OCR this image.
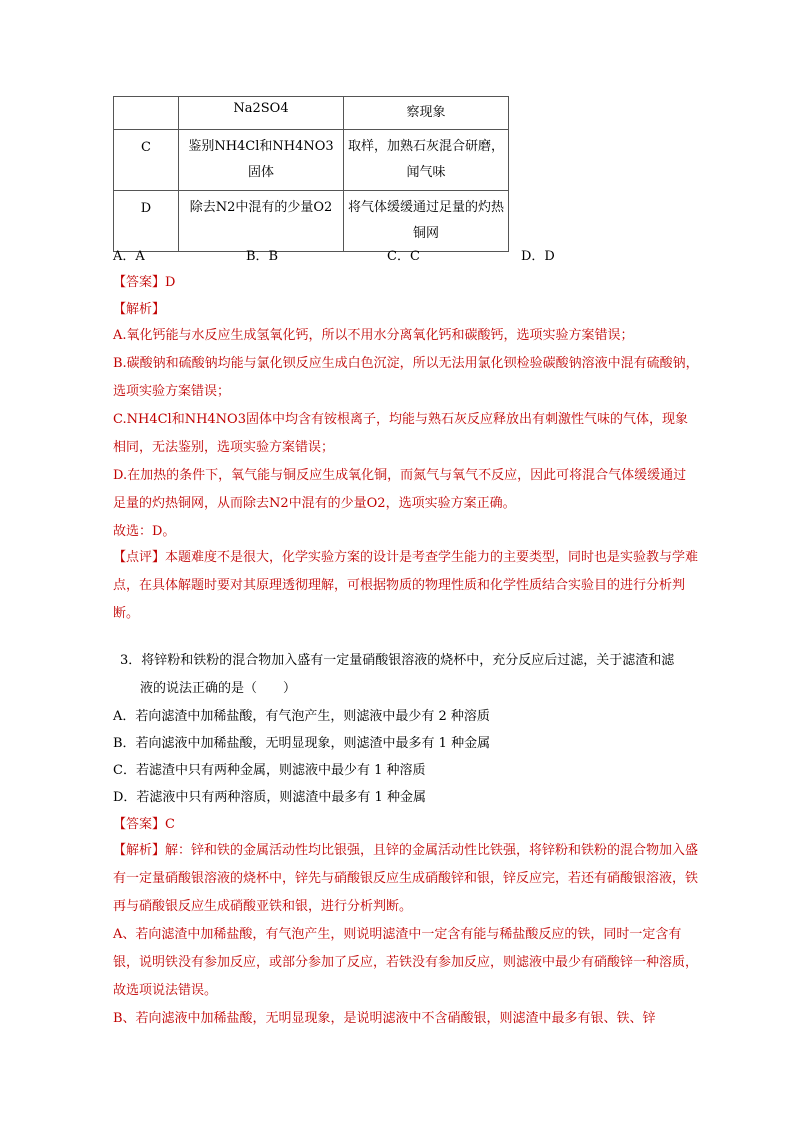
	Na2SO4	察现象
C	鉴别NH4Cl和NH4NO3固体	取样，加熟石灰混合研磨，闻气味

D	除去N2中混有的少量O2	将气体缓缓通过足量的灼热铜网
A．A	B．B	C．C	D．D
【答案】D
【解析】
A.氧化钙能与水反应生成氢氧化钙，所以不用水分离氧化钙和碳酸钙，选项实验方案错误；
B.碳酸钠和硫酸钠均能与氯化钡反应生成白色沉淀，所以无法用氯化钡检验碳酸钠溶液中混有硫酸钠，选项实验方案错误；
C.NH4Cl和NH4NO3固体中均含有铵根离子，均能与熟石灰反应释放出有刺激性气味的气体，现象相同，无法鉴别，选项实验方案错误；
D.在加热的条件下，氧气能与铜反应生成氧化铜，而氮气与氧气不反应，因此可将混合气体缓缓通过足量的灼热铜网，从而除去N2中混有的少量O2，选项实验方案正确。
故选：D。
【点评】本题难度不是很大，化学实验方案的设计是考查学生能力的主要类型，同时也是实验教与学难点，在具体解题时要对其原理透彻理解，可根据物质的物理性质和化学性质结合实验目的进行分析判断。
3．将锌粉和铁粉的混合物加入盛有一定量硝酸银溶液的烧杯中，充分反应后过滤，关于滤渣和滤
液的说法正确的是（　　）
A．若向滤渣中加稀盐酸，有气泡产生，则滤液中最少有 2 种溶质
B．若向滤液中加稀盐酸，无明显现象，则滤渣中最多有 1 种金属
C．若滤渣中只有两种金属，则滤液中最少有 1 种溶质
D．若滤液中只有两种溶质，则滤渣中最多有 1 种金属
【答案】C
【解析】解：锌和铁的金属活动性均比银强，且锌的金属活动性比铁强，将锌粉和铁粉的混合物加入盛有一定量硝酸银溶液的烧杯中，锌先与硝酸银反应生成硝酸锌和银，锌反应完，若还有硝酸银溶液，铁再与硝酸银反应生成硝酸亚铁和银，进行分析判断。
A、若向滤渣中加稀盐酸，有气泡产生，则说明滤渣中一定含有能与稀盐酸反应的铁，同时一定含有银，说明铁没有参加反应，或部分参加了反应，若铁没有参加反应，则滤液中最少有硝酸锌一种溶质，故选项说法错误。
B、若向滤液中加稀盐酸，无明显现象，是说明滤液中不含硝酸银，则滤渣中最多有银、铁、锌
